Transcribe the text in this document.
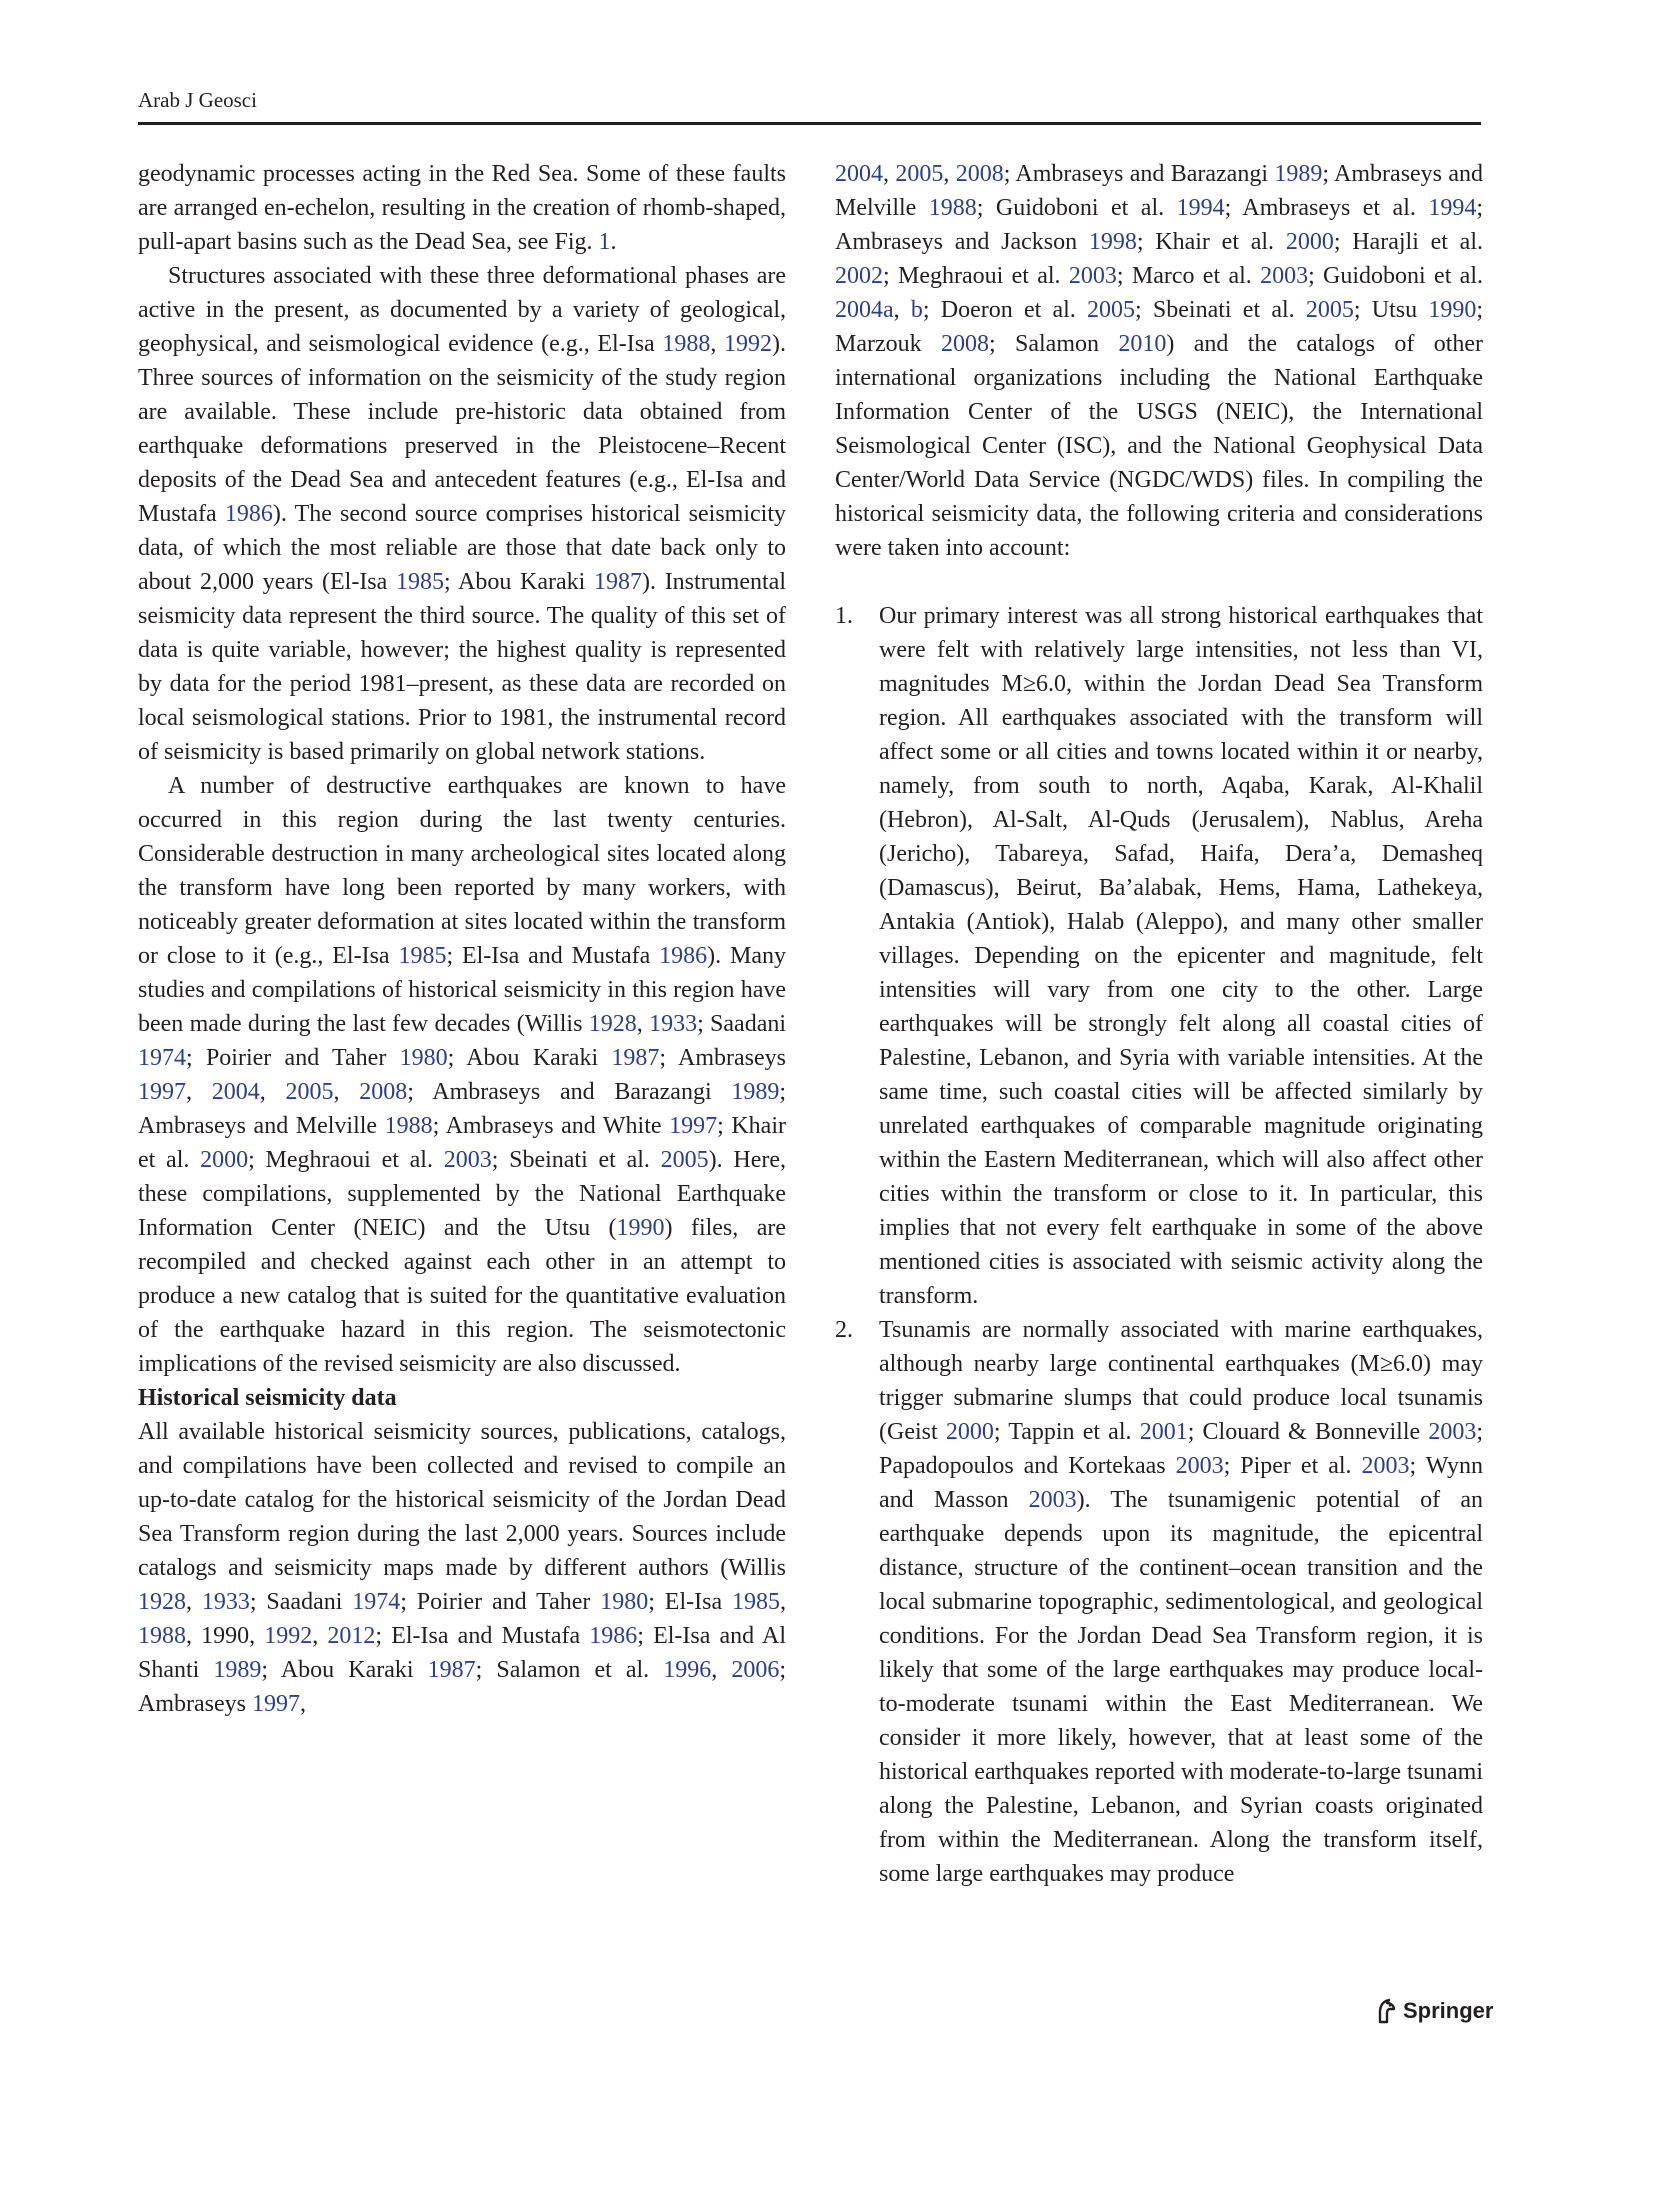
Arab J Geosci

geodynamic processes acting in the Red Sea. Some of these faults are arranged en-echelon, resulting in the creation of rhomb-shaped, pull-apart basins such as the Dead Sea, see Fig. 1.

Structures associated with these three deformational phases are active in the present, as documented by a variety of geological, geophysical, and seismological evidence (e.g., El-Isa 1988, 1992). Three sources of information on the seismicity of the study region are available. These include pre-historic data obtained from earthquake deformations preserved in the Pleistocene–Recent deposits of the Dead Sea and antecedent features (e.g., El-Isa and Mustafa 1986). The second source comprises historical seismicity data, of which the most reliable are those that date back only to about 2,000 years (El-Isa 1985; Abou Karaki 1987). Instrumental seismicity data represent the third source. The quality of this set of data is quite variable, however; the highest quality is represented by data for the period 1981–present, as these data are recorded on local seismological stations. Prior to 1981, the instrumental record of seismicity is based primarily on global network stations.

A number of destructive earthquakes are known to have occurred in this region during the last twenty centuries. Considerable destruction in many archeological sites located along the transform have long been reported by many workers, with noticeably greater deformation at sites located within the transform or close to it (e.g., El-Isa 1985; El-Isa and Mustafa 1986). Many studies and compilations of historical seismicity in this region have been made during the last few decades (Willis 1928, 1933; Saadani 1974; Poirier and Taher 1980; Abou Karaki 1987; Ambraseys 1997, 2004, 2005, 2008; Ambraseys and Barazangi 1989; Ambraseys and Melville 1988; Ambraseys and White 1997; Khair et al. 2000; Meghraoui et al. 2003; Sbeinati et al. 2005). Here, these compilations, supplemented by the National Earthquake Information Center (NEIC) and the Utsu (1990) files, are recompiled and checked against each other in an attempt to produce a new catalog that is suited for the quantitative evaluation of the earthquake hazard in this region. The seismotectonic implications of the revised seismicity are also discussed.

Historical seismicity data

All available historical seismicity sources, publications, catalogs, and compilations have been collected and revised to compile an up-to-date catalog for the historical seismicity of the Jordan Dead Sea Transform region during the last 2,000 years. Sources include catalogs and seismicity maps made by different authors (Willis 1928, 1933; Saadani 1974; Poirier and Taher 1980; El-Isa 1985, 1988, 1990, 1992, 2012; El-Isa and Mustafa 1986; El-Isa and Al Shanti 1989; Abou Karaki 1987; Salamon et al. 1996, 2006; Ambraseys 1997,

2004, 2005, 2008; Ambraseys and Barazangi 1989; Ambraseys and Melville 1988; Guidoboni et al. 1994; Ambraseys et al. 1994; Ambraseys and Jackson 1998; Khair et al. 2000; Harajli et al. 2002; Meghraoui et al. 2003; Marco et al. 2003; Guidoboni et al. 2004a, b; Doeron et al. 2005; Sbeinati et al. 2005; Utsu 1990; Marzouk 2008; Salamon 2010) and the catalogs of other international organizations including the National Earthquake Information Center of the USGS (NEIC), the International Seismological Center (ISC), and the National Geophysical Data Center/World Data Service (NGDC/WDS) files. In compiling the historical seismicity data, the following criteria and considerations were taken into account:

1. Our primary interest was all strong historical earthquakes that were felt with relatively large intensities, not less than VI, magnitudes M≥6.0, within the Jordan Dead Sea Transform region. All earthquakes associated with the transform will affect some or all cities and towns located within it or nearby, namely, from south to north, Aqaba, Karak, Al-Khalil (Hebron), Al-Salt, Al-Quds (Jerusalem), Nablus, Areha (Jericho), Tabareya, Safad, Haifa, Dera’a, Demasheq (Damascus), Beirut, Ba’alabak, Hems, Hama, Lathekeya, Antakia (Antiok), Halab (Aleppo), and many other smaller villages. Depending on the epicenter and magnitude, felt intensities will vary from one city to the other. Large earthquakes will be strongly felt along all coastal cities of Palestine, Lebanon, and Syria with variable intensities. At the same time, such coastal cities will be affected similarly by unrelated earthquakes of comparable magnitude originating within the Eastern Mediterranean, which will also affect other cities within the transform or close to it. In particular, this implies that not every felt earthquake in some of the above mentioned cities is associated with seismic activity along the transform.
2. Tsunamis are normally associated with marine earthquakes, although nearby large continental earthquakes (M≥6.0) may trigger submarine slumps that could produce local tsunamis (Geist 2000; Tappin et al. 2001; Clouard & Bonneville 2003; Papadopoulos and Kortekaas 2003; Piper et al. 2003; Wynn and Masson 2003). The tsunamigenic potential of an earthquake depends upon its magnitude, the epicentral distance, structure of the continent–ocean transition and the local submarine topographic, sedimentological, and geological conditions. For the Jordan Dead Sea Transform region, it is likely that some of the large earthquakes may produce local-to-moderate tsunami within the East Mediterranean. We consider it more likely, however, that at least some of the historical earthquakes reported with moderate-to-large tsunami along the Palestine, Lebanon, and Syrian coasts originated from within the Mediterranean. Along the transform itself, some large earthquakes may produce
Springer
